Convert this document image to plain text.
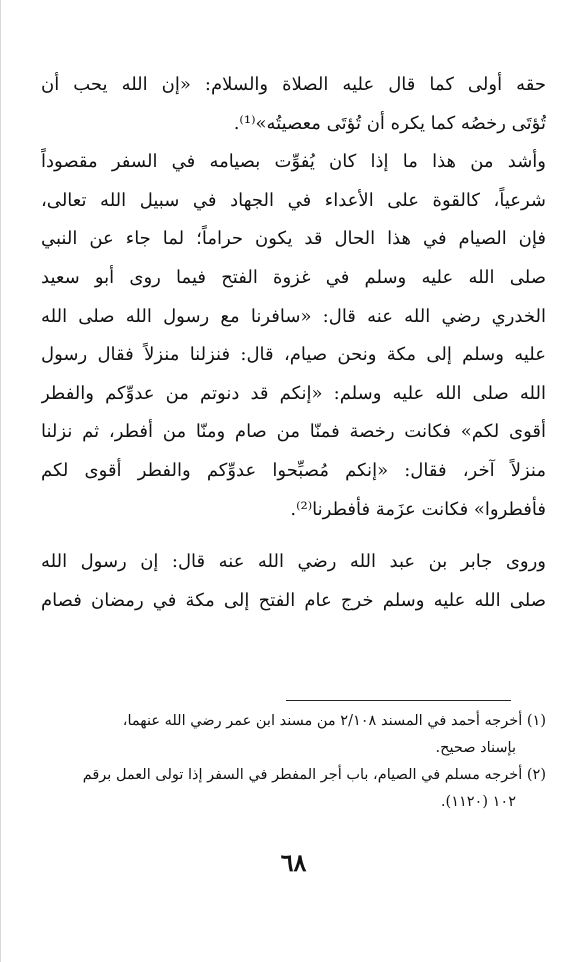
حقه أولى كما قال عليه الصلاة والسلام: «إن الله يحب أن
تُؤتَى رخصُه كما يكره أن تُؤتَى معصيتُه»⁽¹⁾.
وأشد من هذا ما إذا كان يُفوِّت بصيامه في السفر مقصوداً
شرعياً، كالقوة على الأعداء في الجهاد في سبيل الله تعالى،
فإن الصيام في هذا الحال قد يكون حراماً؛ لما جاء عن النبي
صلى الله عليه وسلم في غزوة الفتح فيما روى أبو سعيد
الخدري رضي الله عنه قال: «سافرنا مع رسول الله صلى الله
عليه وسلم إلى مكة ونحن صيام، قال: فنزلنا منزلاً فقال رسول
الله صلى الله عليه وسلم: «إنكم قد دنوتم من عدوِّكم والفطر
أقوى لكم» فكانت رخصة فمنّا من صام ومنّا من أفطر، ثم نزلنا
منزلاً آخر، فقال: «إنكم مُصبِّحوا عدوِّكم والفطر أقوى لكم
فأفطروا» فكانت عزَمة فأفطرنا⁽²⁾.
وروى جابر بن عبد الله رضي الله عنه قال: إن رسول الله
صلى الله عليه وسلم خرج عام الفتح إلى مكة في رمضان فصام
(١) أخرجه أحمد في المسند ٢/١٠٨ من مسند ابن عمر رضي الله عنهما،
بإسناد صحيح.
(٢) أخرجه مسلم في الصيام، باب أجر المفطر في السفر إذا تولى العمل برقم
١٠٢ (١١٢٠).
٦٨
